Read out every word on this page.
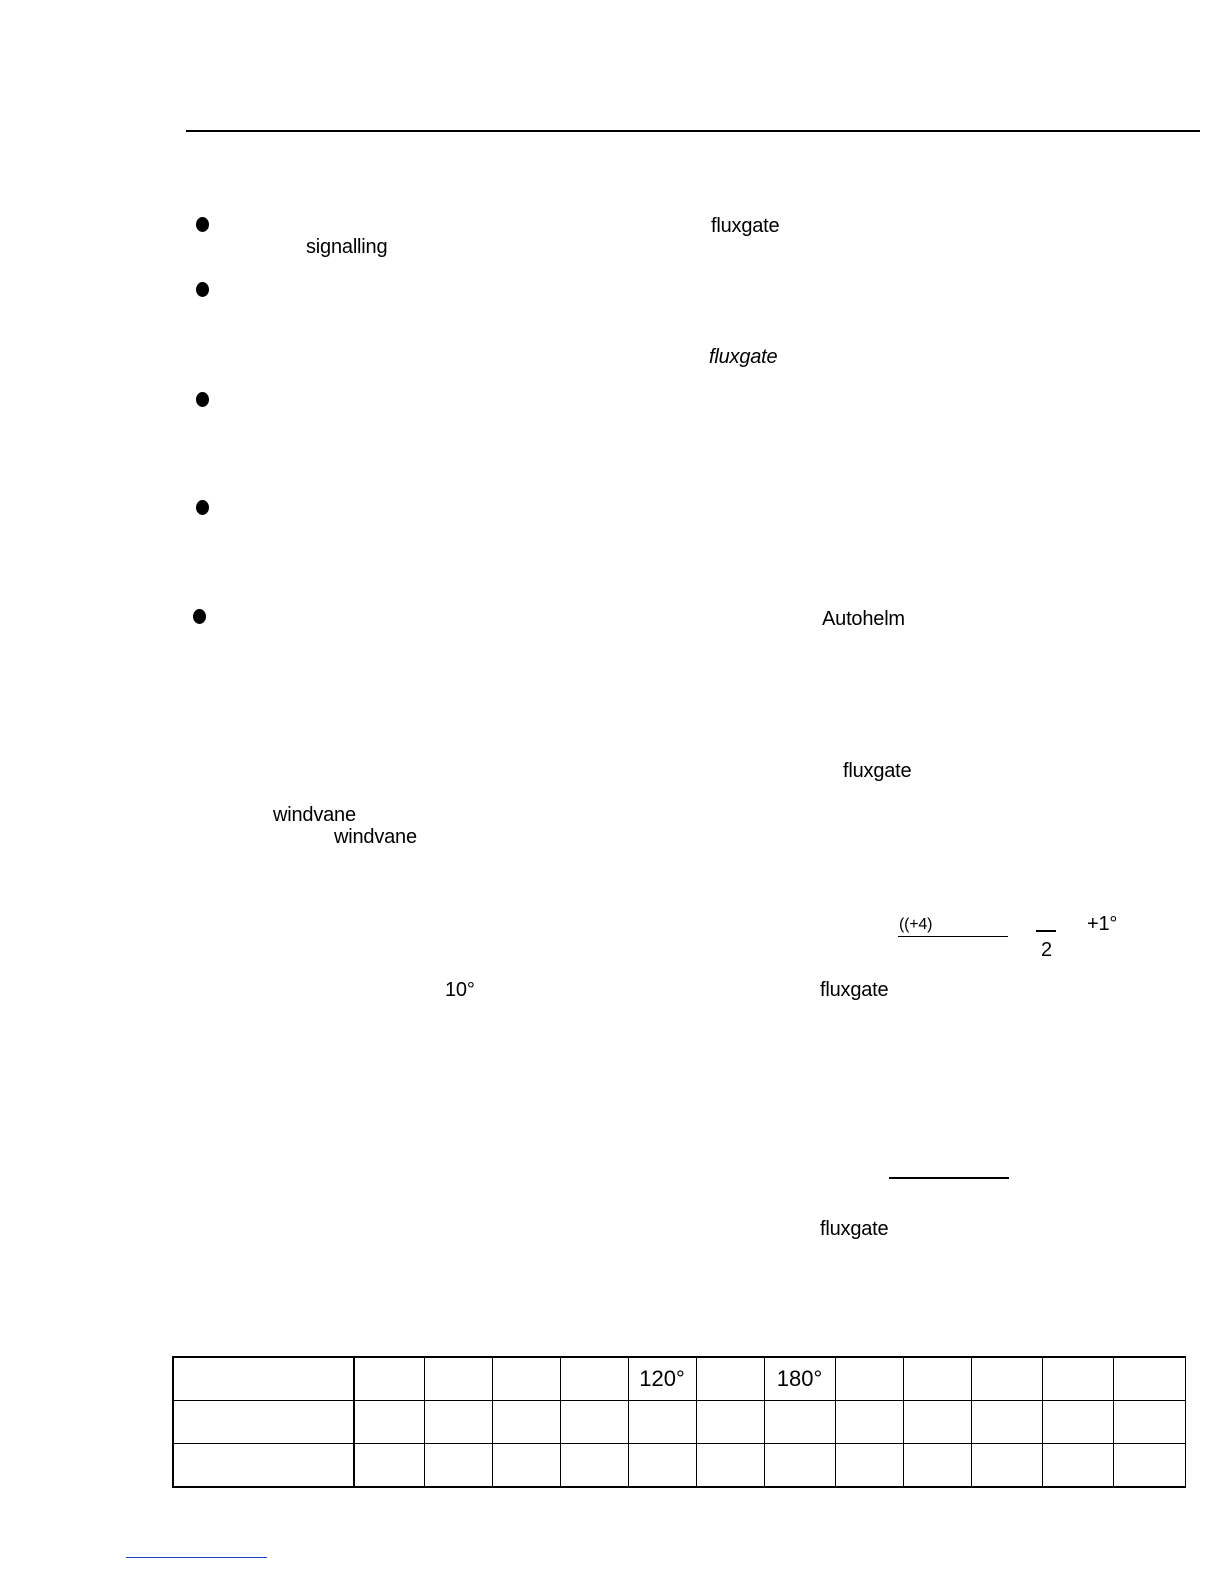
fluxgate
signalling
fluxgate
Autohelm
fluxgate
windvane
windvane
((+4)
2
+1°
10°	fluxgate
fluxgate
					120°		180°					
